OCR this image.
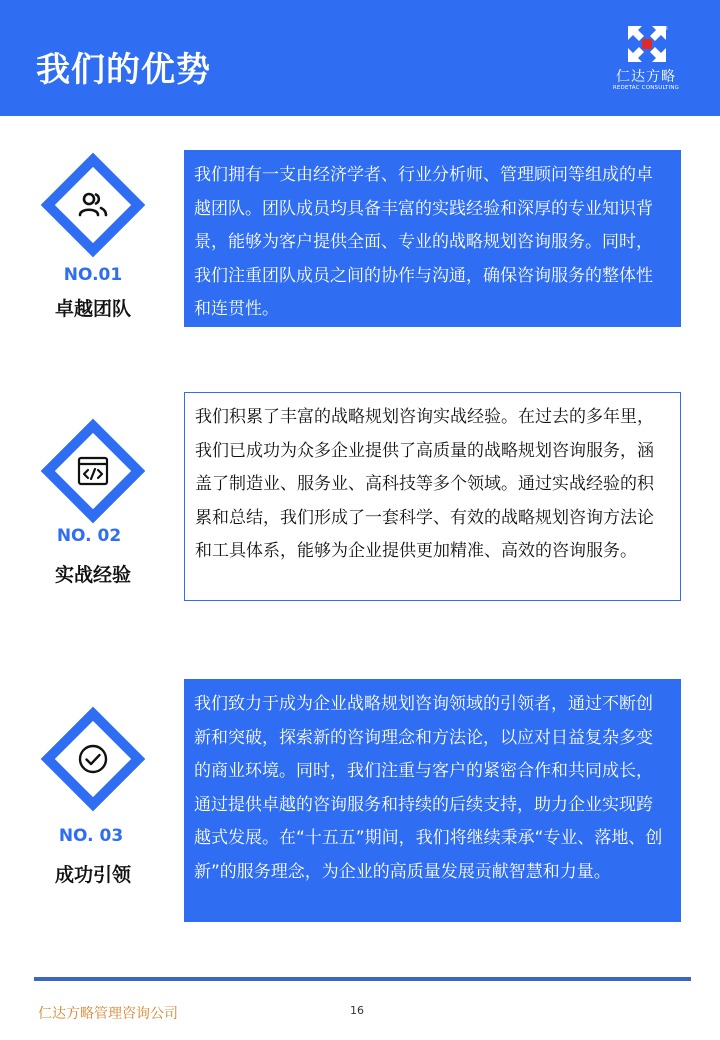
我们的优势
®
仁达方略
REDETAC CONSULTING
NO.01
卓越团队
我们拥有一支由经济学者、行业分析师、管理顾问等组成的卓越团队。团队成员均具备丰富的实践经验和深厚的专业知识背景，能够为客户提供全面、专业的战略规划咨询服务。同时，我们注重团队成员之间的协作与沟通，确保咨询服务的整体性和连贯性。
NO. 02
实战经验
我们积累了丰富的战略规划咨询实战经验。在过去的多年里，我们已成功为众多企业提供了高质量的战略规划咨询服务，涵盖了制造业、服务业、高科技等多个领域。通过实战经验的积累和总结，我们形成了一套科学、有效的战略规划咨询方法论和工具体系，能够为企业提供更加精准、高效的咨询服务。
NO. 03
成功引领
我们致力于成为企业战略规划咨询领域的引领者，通过不断创新和突破，探索新的咨询理念和方法论，以应对日益复杂多变的商业环境。同时，我们注重与客户的紧密合作和共同成长，通过提供卓越的咨询服务和持续的后续支持，助力企业实现跨越式发展。在“十五五”期间，我们将继续秉承“专业、落地、创新”的服务理念，为企业的高质量发展贡献智慧和力量。
仁达方略管理咨询公司	16
